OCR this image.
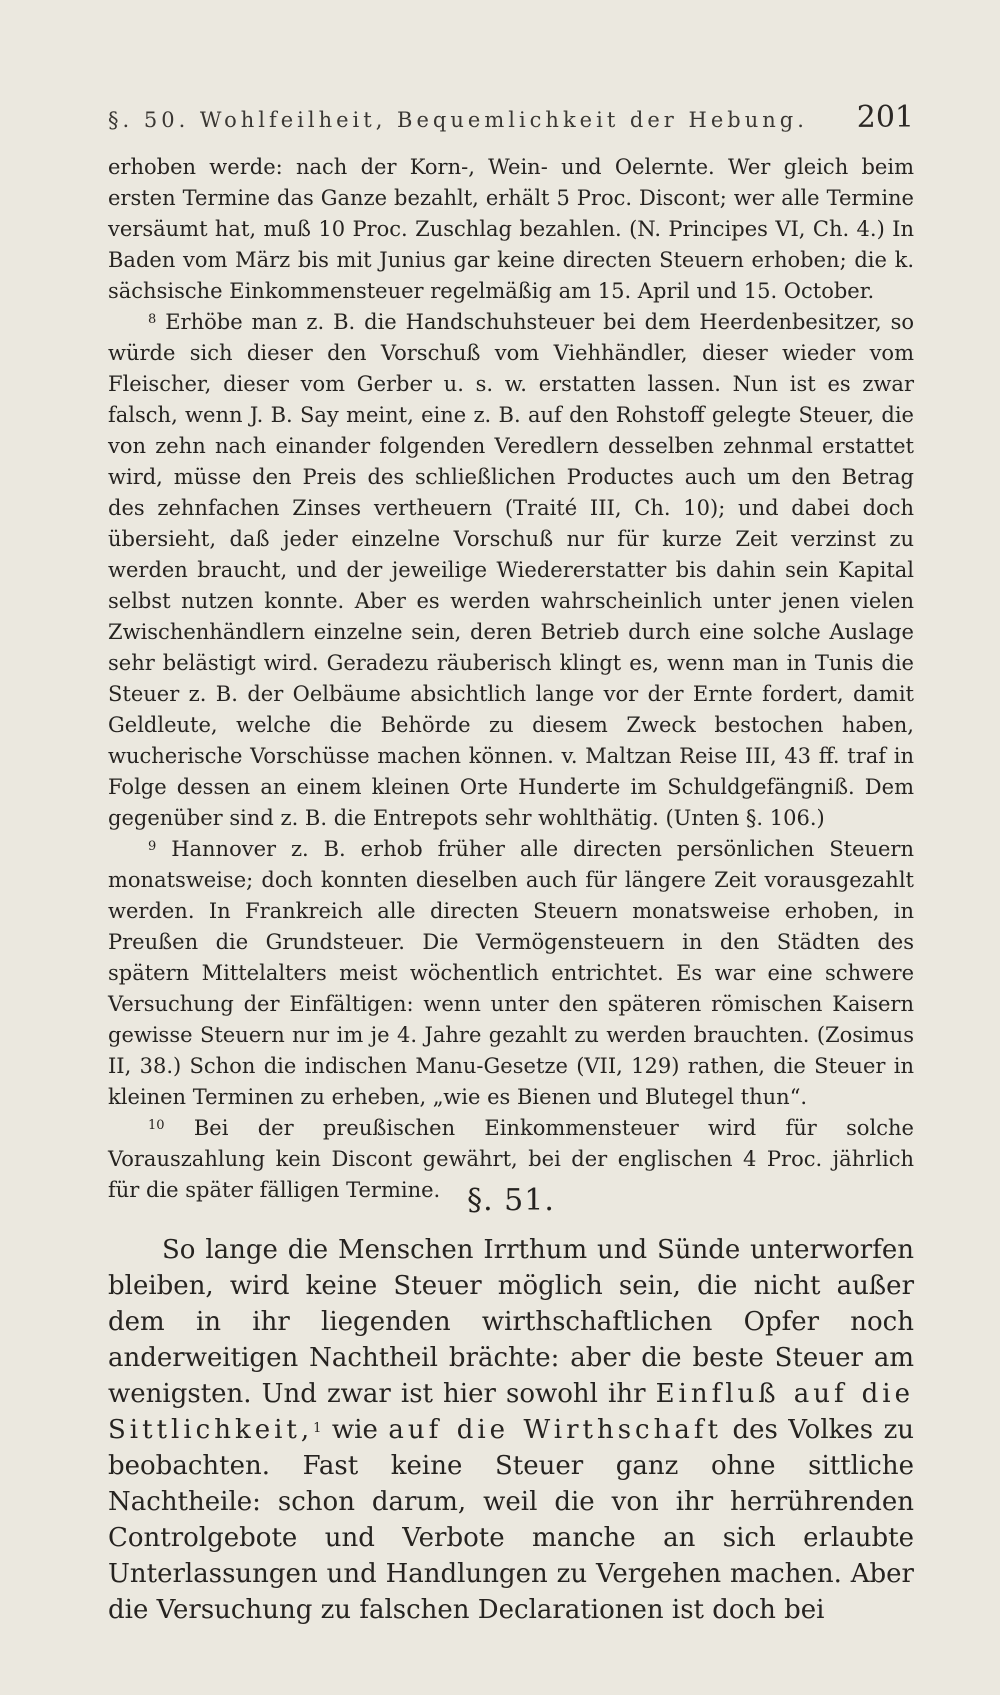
§. 50. Wohlfeilheit, Bequemlichkeit der Hebung. 201

erhoben werde: nach der Korn-, Wein- und Oelernte. Wer gleich beim ersten Termine das Ganze bezahlt, erhält 5 Proc. Discont; wer alle Termine versäumt hat, muß 10 Proc. Zuschlag bezahlen. (N. Principes VI, Ch. 4.) In Baden vom März bis mit Junius gar keine directen Steuern erhoben; die k. sächsische Einkommensteuer regelmäßig am 15. April und 15. October.

$^8$ Erhöbe man z. B. die Handschuhsteuer bei dem Heerdenbesitzer, so würde sich dieser den Vorschuß vom Viehhändler, dieser wieder vom Fleischer, dieser vom Gerber u. s. w. erstatten lassen. Nun ist es zwar falsch, wenn J. B. Say meint, eine z. B. auf den Rohstoff gelegte Steuer, die von zehn nach einander folgenden Veredlern desselben zehnmal erstattet wird, müsse den Preis des schließlichen Productes auch um den Betrag des zehnfachen Zinses vertheuern (Traité III, Ch. 10); und dabei doch übersieht, daß jeder einzelne Vorschuß nur für kurze Zeit verzinst zu werden braucht, und der jeweilige Wiedererstatter bis dahin sein Kapital selbst nutzen konnte. Aber es werden wahrscheinlich unter jenen vielen Zwischenhändlern einzelne sein, deren Betrieb durch eine solche Auslage sehr belästigt wird. Geradezu räuberisch klingt es, wenn man in Tunis die Steuer z. B. der Oelbäume absichtlich lange vor der Ernte fordert, damit Geldleute, welche die Behörde zu diesem Zweck bestochen haben, wucherische Vorschüsse machen können. v. Maltzan Reise III, 43 ff. traf in Folge dessen an einem kleinen Orte Hunderte im Schuldgefängniß. Dem gegenüber sind z. B. die Entrepots sehr wohlthätig. (Unten §. 106.)

$^9$ Hannover z. B. erhob früher alle directen persönlichen Steuern monatsweise; doch konnten dieselben auch für längere Zeit vorausgezahlt werden. In Frankreich alle directen Steuern monatsweise erhoben, in Preußen die Grundsteuer. Die Vermögensteuern in den Städten des spätern Mittelalters meist wöchentlich entrichtet. Es war eine schwere Versuchung der Einfältigen: wenn unter den späteren römischen Kaisern gewisse Steuern nur im je 4. Jahre gezahlt zu werden brauchten. (Zosimus II, 38.) Schon die indischen Manu-Gesetze (VII, 129) rathen, die Steuer in kleinen Terminen zu erheben, „wie es Bienen und Blutegel thun“.

$^{10}$ Bei der preußischen Einkommensteuer wird für solche Vorauszahlung kein Discont gewährt, bei der englischen 4 Proc. jährlich für die später fälligen Termine. §. 51.

So lange die Menschen Irrthum und Sünde unterworfen bleiben, wird keine Steuer möglich sein, die nicht außer dem in ihr liegenden wirthschaftlichen Opfer noch anderweitigen Nachtheil brächte: aber die beste Steuer am wenigsten. Und zwar ist hier sowohl ihr Einfluß auf die Sittlichkeit,$^1$ wie auf die Wirthschaft des Volkes zu beobachten. Fast keine Steuer ganz ohne sittliche Nachtheile: schon darum, weil die von ihr herrührenden Controlgebote und Verbote manche an sich erlaubte Unterlassungen und Handlungen zu Vergehen machen. Aber die Versuchung zu falschen Declarationen ist doch bei
